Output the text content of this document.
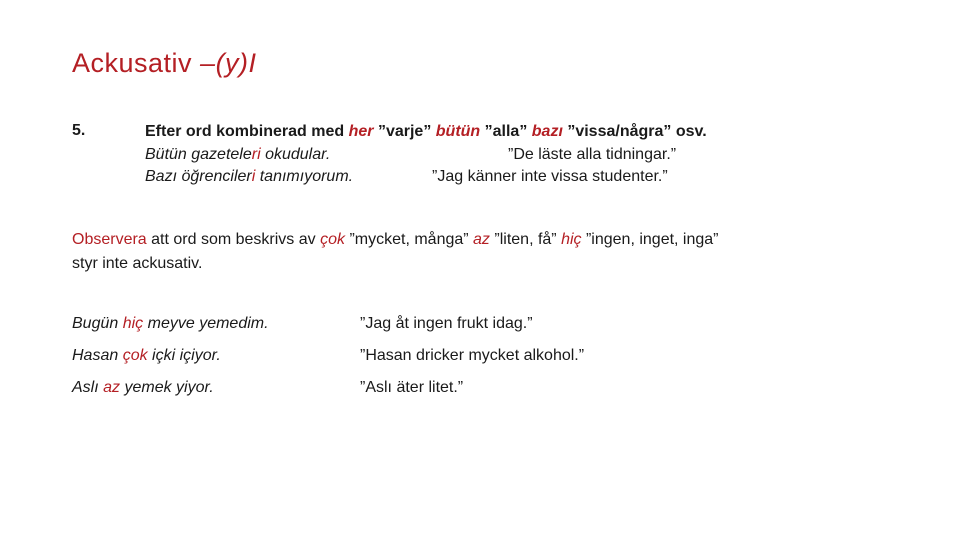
Ackusativ –(y)I
5.	Efter ord kombinerad med her ”varje” bütün ”alla” bazı ”vissa/några” osv.
Bütün gazeteleri okudular.	”De läste alla tidningar.”
Bazı öğrencileri tanımıyorum.	”Jag känner inte vissa studenter.”
Observera att ord som beskrivs av çok ”mycket, många” az ”liten, få” hiç ”ingen, inget, inga”
styr inte ackusativ.
Bugün hiç meyve yemedim.	”Jag åt ingen frukt idag.”
Hasan çok içki içiyor.	”Hasan dricker mycket alkohol.”
Aslı az yemek yiyor.	”Aslı äter litet.”
